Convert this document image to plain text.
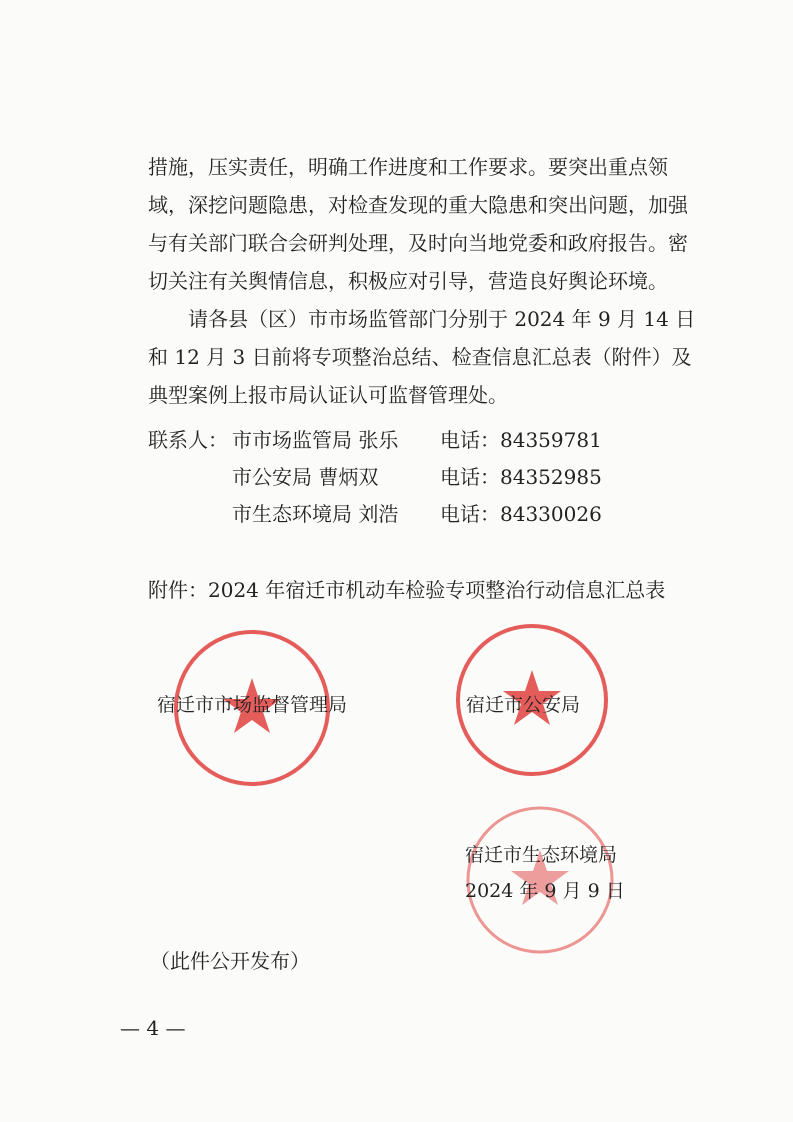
措施，压实责任，明确工作进度和工作要求。要突出重点领域，深挖问题隐患，对检查发现的重大隐患和突出问题，加强与有关部门联合会研判处理，及时向当地党委和政府报告。密切关注有关舆情信息，积极应对引导，营造良好舆论环境。

请各县（区）市市场监管部门分别于 2024 年 9 月 14 日和 12 月 3 日前将专项整治总结、检查信息汇总表（附件）及典型案例上报市局认证认可监督管理处。

联系人： 市市场监管局 张乐 电话：84359781
市公安局 曹炳双	电话：84352985
市生态环境局 刘浩 电话：84330026
附件：2024 年宿迁市机动车检验专项整治行动信息汇总表
宿迁市市场监督管理局	宿迁市公安局
宿迁市生态环境局
2024 年 9 月 9 日
（此件公开发布）
— 4 —
